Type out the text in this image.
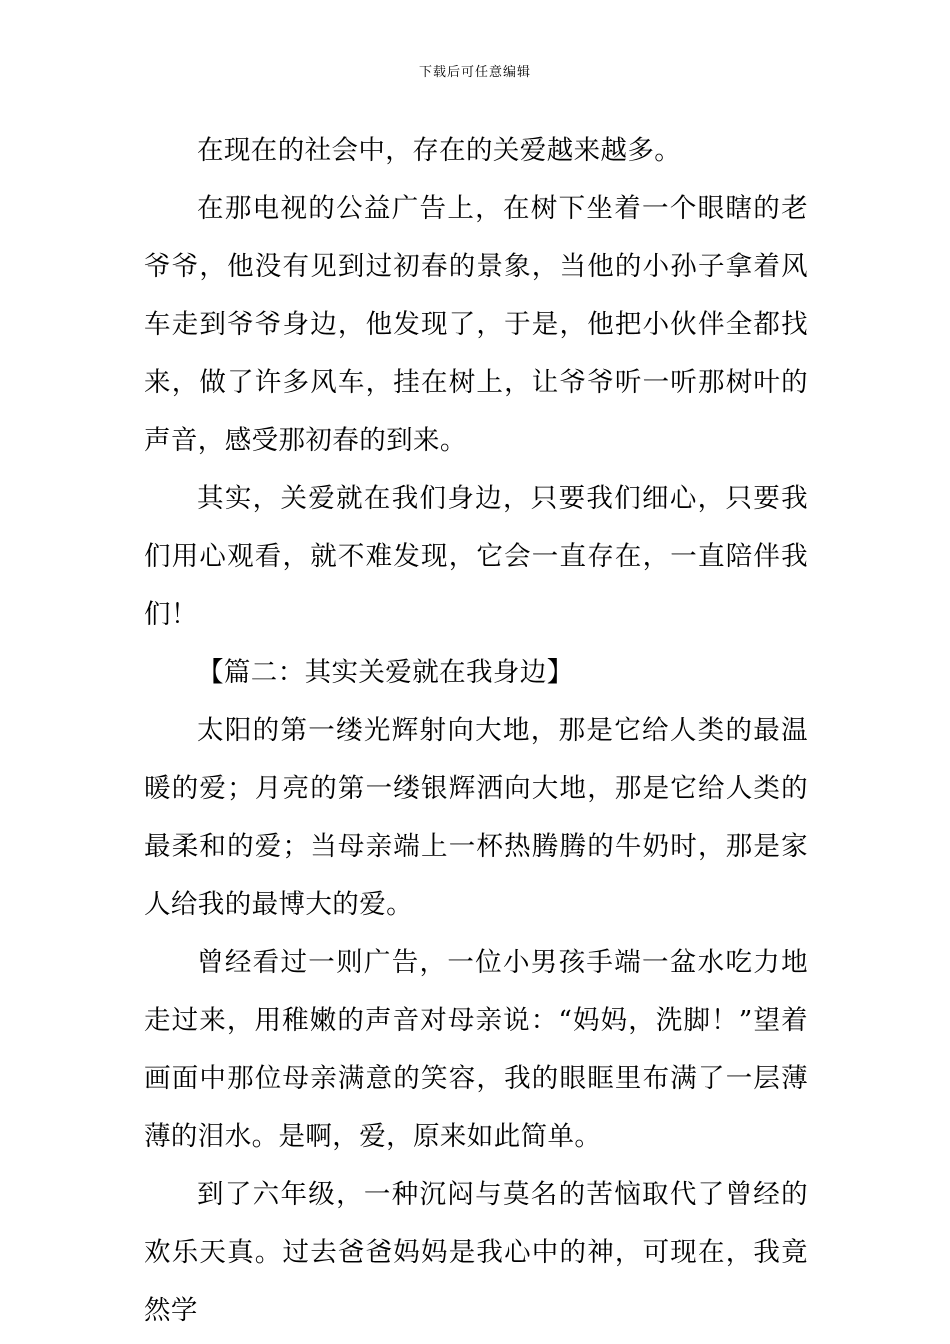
下载后可任意编辑

在现在的社会中，存在的关爱越来越多。

在那电视的公益广告上，在树下坐着一个眼瞎的老爷爷，他没有见到过初春的景象，当他的小孙子拿着风车走到爷爷身边，他发现了，于是，他把小伙伴全都找来，做了许多风车，挂在树上，让爷爷听一听那树叶的声音，感受那初春的到来。

其实，关爱就在我们身边，只要我们细心，只要我们用心观看，就不难发现，它会一直存在，一直陪伴我们！

【篇二：其实关爱就在我身边】

太阳的第一缕光辉射向大地，那是它给人类的最温暖的爱；月亮的第一缕银辉洒向大地，那是它给人类的最柔和的爱；当母亲端上一杯热腾腾的牛奶时，那是家人给我的最博大的爱。

曾经看过一则广告，一位小男孩手端一盆水吃力地走过来，用稚嫩的声音对母亲说：“妈妈，洗脚！”望着画面中那位母亲满意的笑容，我的眼眶里布满了一层薄薄的泪水。是啊，爱，原来如此简单。

到了六年级，一种沉闷与莫名的苦恼取代了曾经的欢乐天真。过去爸爸妈妈是我心中的神，可现在，我竟然学
